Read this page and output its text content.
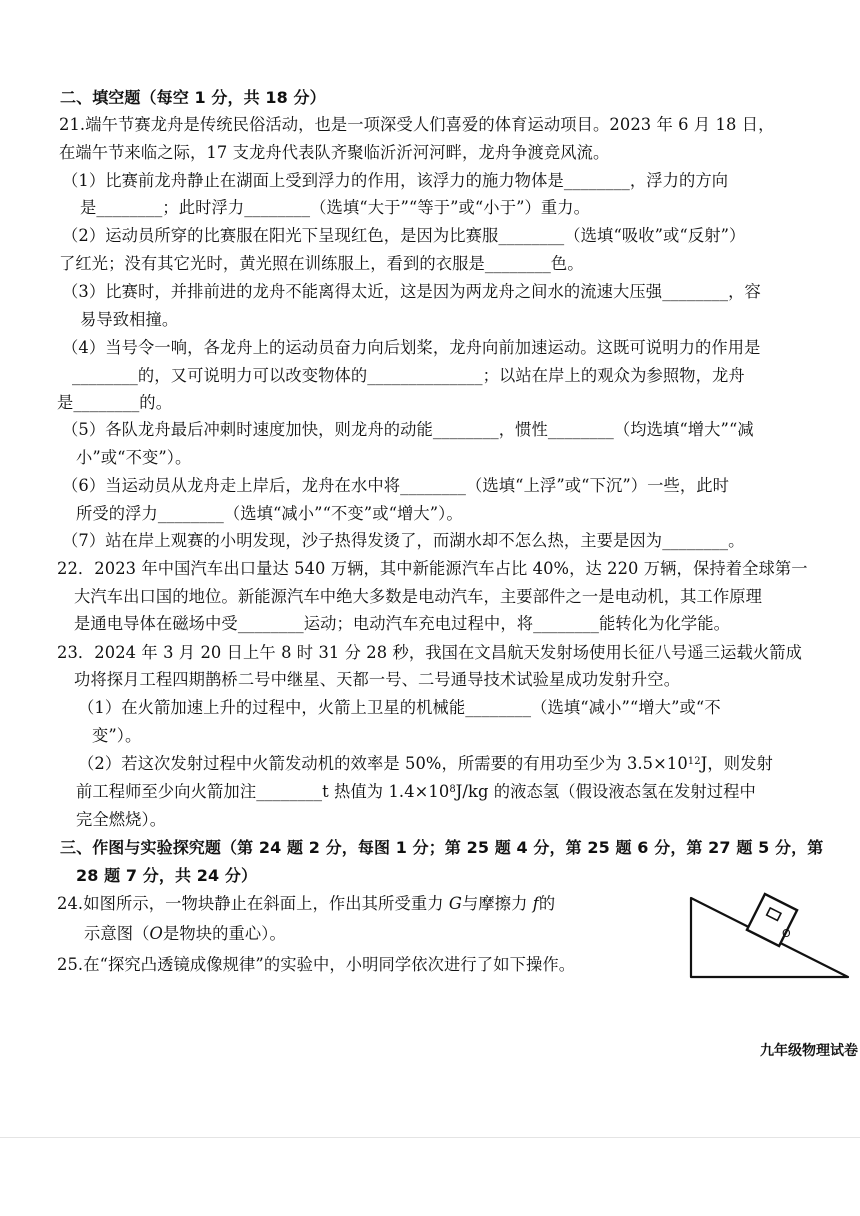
二、填空题（每空 1 分，共 18 分）

21.端午节赛龙舟是传统民俗活动，也是一项深受人们喜爱的体育运动项目。2023 年 6 月 18 日，

在端午节来临之际，17 支龙舟代表队齐聚临沂沂河河畔，龙舟争渡竞风流。

（1）比赛前龙舟静止在湖面上受到浮力的作用，该浮力的施力物体是________，浮力的方向

是________；此时浮力________（选填“大于”“等于”或“小于”）重力。

（2）运动员所穿的比赛服在阳光下呈现红色，是因为比赛服________（选填“吸收”或“反射”）

了红光；没有其它光时，黄光照在训练服上，看到的衣服是________色。

（3）比赛时，并排前进的龙舟不能离得太近，这是因为两龙舟之间水的流速大压强________，容

易导致相撞。

（4）当号令一响，各龙舟上的运动员奋力向后划桨，龙舟向前加速运动。这既可说明力的作用是

________的，又可说明力可以改变物体的______________；以站在岸上的观众为参照物，龙舟

是________的。

（5）各队龙舟最后冲刺时速度加快，则龙舟的动能________，惯性________（均选填“增大”“减

小”或“不变”）。

（6）当运动员从龙舟走上岸后，龙舟在水中将________（选填“上浮”或“下沉”）一些，此时

所受的浮力________（选填“减小”“不变”或“增大”）。

（7）站在岸上观赛的小明发现，沙子热得发烫了，而湖水却不怎么热，主要是因为________。

22．2023 年中国汽车出口量达 540 万辆，其中新能源汽车占比 40%，达 220 万辆，保持着全球第一

大汽车出口国的地位。新能源汽车中绝大多数是电动汽车，主要部件之一是电动机，其工作原理

是通电导体在磁场中受________运动；电动汽车充电过程中，将________能转化为化学能。

23．2024 年 3 月 20 日上午 8 时 31 分 28 秒，我国在文昌航天发射场使用长征八号遥三运载火箭成

功将探月工程四期鹊桥二号中继星、天都一号、二号通导技术试验星成功发射升空。

（1）在火箭加速上升的过程中，火箭上卫星的机械能________（选填“减小”“增大”或“不

变”）。

（2）若这次发射过程中火箭发动机的效率是 50%，所需要的有用功至少为 $3.5\times 10^{12}J$，则发射

前工程师至少向火箭加注________t 热值为 $1.4\times 10^8J/kg$ 的液态氢（假设液态氢在发射过程中

完全燃烧）。

三、作图与实验探究题（第 24 题 2 分，每图 1 分；第 25 题 4 分，第 25 题 6 分，第 27 题 5 分，第

28 题 7 分，共 24 分）

24.如图所示，一物块静止在斜面上，作出其所受重力 G与摩擦力 f的

示意图（O是物块的重心）。	O

25.在“探究凸透镜成像规律”的实验中，小明同学依次进行了如下操作。

九年级物理试卷
